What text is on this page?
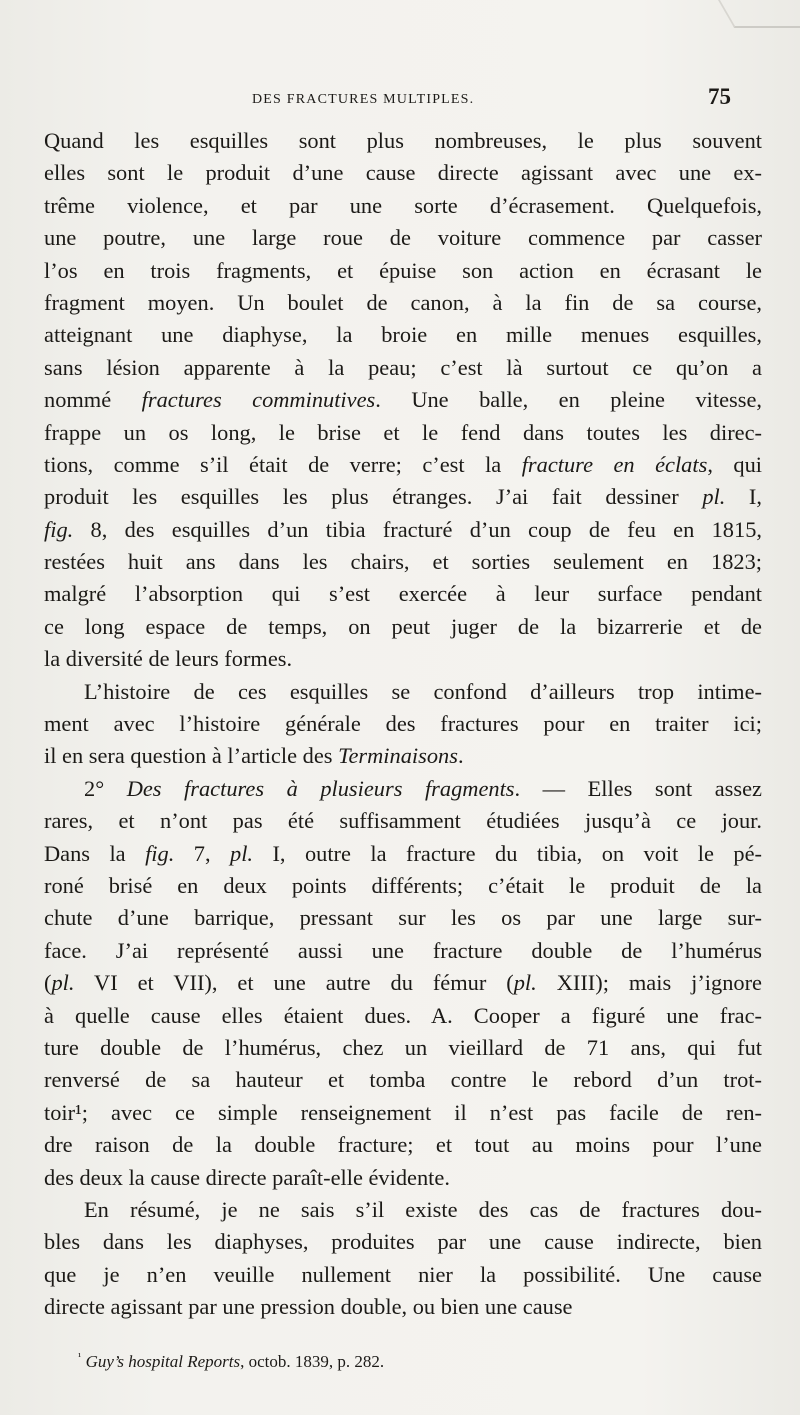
DES FRACTURES MULTIPLES.	75
Quand les esquilles sont plus nombreuses, le plus souvent
elles sont le produit d’une cause directe agissant avec une ex-
trême violence, et par une sorte d’écrasement. Quelquefois,
une poutre, une large roue de voiture commence par casser
l’os en trois fragments, et épuise son action en écrasant le
fragment moyen. Un boulet de canon, à la fin de sa course,
atteignant une diaphyse, la broie en mille menues esquilles,
sans lésion apparente à la peau; c’est là surtout ce qu’on a
nommé fractures comminutives. Une balle, en pleine vitesse,
frappe un os long, le brise et le fend dans toutes les direc-
tions, comme s’il était de verre; c’est la fracture en éclats, qui
produit les esquilles les plus étranges. J’ai fait dessiner pl. I,
fig. 8, des esquilles d’un tibia fracturé d’un coup de feu en 1815,
restées huit ans dans les chairs, et sorties seulement en 1823;
malgré l’absorption qui s’est exercée à leur surface pendant
ce long espace de temps, on peut juger de la bizarrerie et de
la diversité de leurs formes.
L’histoire de ces esquilles se confond d’ailleurs trop intime-
ment avec l’histoire générale des fractures pour en traiter ici;
il en sera question à l’article des Terminaisons.
2° Des fractures à plusieurs fragments. — Elles sont assez
rares, et n’ont pas été suffisamment étudiées jusqu’à ce jour.
Dans la fig. 7, pl. I, outre la fracture du tibia, on voit le pé-
roné brisé en deux points différents; c’était le produit de la
chute d’une barrique, pressant sur les os par une large sur-
face. J’ai représenté aussi une fracture double de l’humérus
(pl. VI et VII), et une autre du fémur (pl. XIII); mais j’ignore
à quelle cause elles étaient dues. A. Cooper a figuré une frac-
ture double de l’humérus, chez un vieillard de 71 ans, qui fut
renversé de sa hauteur et tomba contre le rebord d’un trot-
toir¹; avec ce simple renseignement il n’est pas facile de ren-
dre raison de la double fracture; et tout au moins pour l’une
des deux la cause directe paraît-elle évidente.
En résumé, je ne sais s’il existe des cas de fractures dou-
bles dans les diaphyses, produites par une cause indirecte, bien
que je n’en veuille nullement nier la possibilité. Une cause
directe agissant par une pression double, ou bien une cause
$^{^1}$ Guy’s hospital Reports, octob. 1839, p. 282.
